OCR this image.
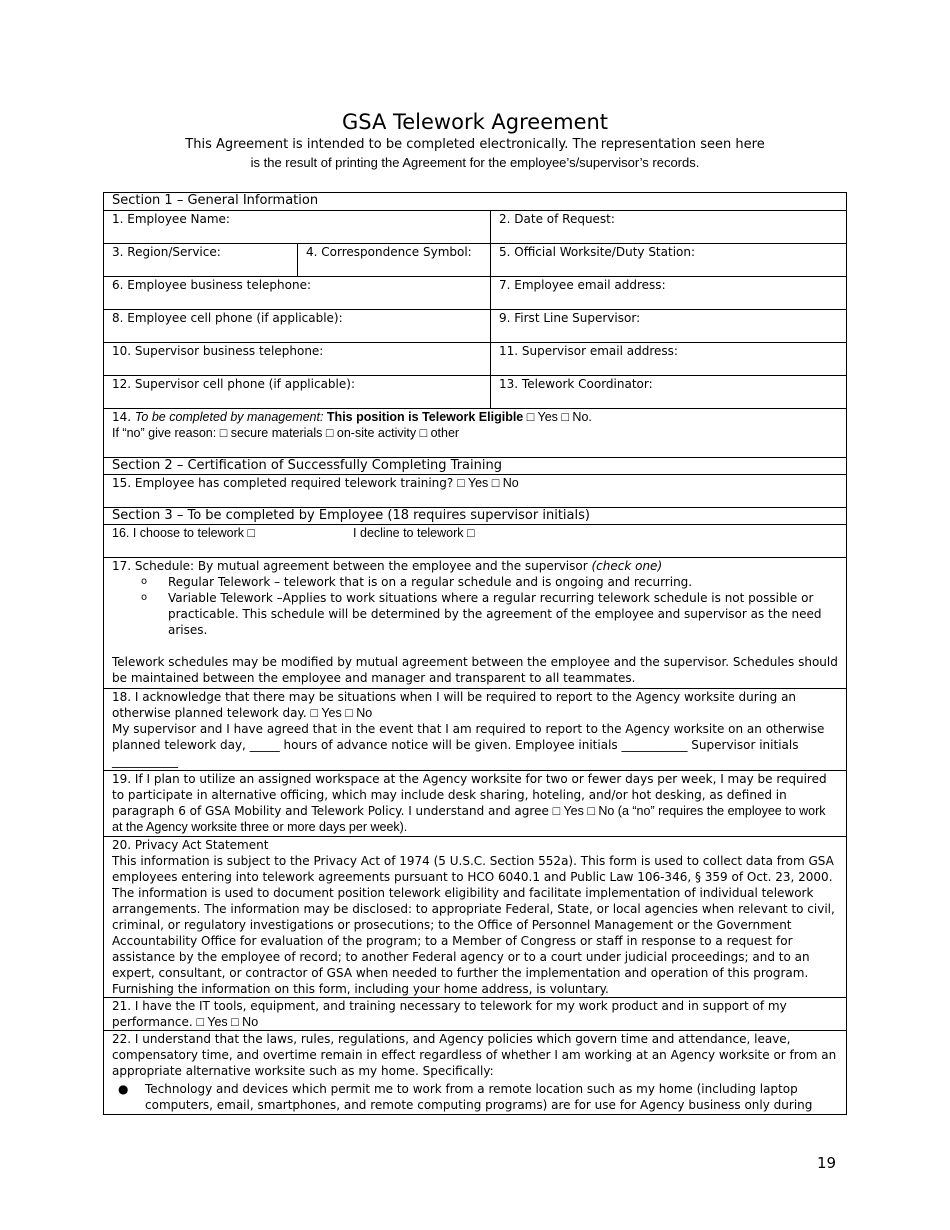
GSA Telework Agreement
This Agreement is intended to be completed electronically. The representation seen here
is the result of printing the Agreement for the employee’s/supervisor’s records.
Section 1 – General Information
1. Employee Name:	2. Date of Request:
3. Region/Service:	4. Correspondence Symbol:	5. Official Worksite/Duty Station:
6. Employee business telephone:	7. Employee email address:
8. Employee cell phone (if applicable):	9. First Line Supervisor:
10. Supervisor business telephone:	11. Supervisor email address:
12. Supervisor cell phone (if applicable):	13. Telework Coordinator:
14. To be completed by management: This position is Telework Eligible □ Yes □ No.
If “no” give reason: □ secure materials □ on-site activity □ other
Section 2 – Certification of Successfully Completing Training
15. Employee has completed required telework training? □ Yes □ No
Section 3 – To be completed by Employee (18 requires supervisor initials)
16. I choose to telework □	I decline to telework □
17. Schedule: By mutual agreement between the employee and the supervisor (check one)
o Regular Telework – telework that is on a regular schedule and is ongoing and recurring.
o Variable Telework –Applies to work situations where a regular recurring telework schedule is not possible or practicable. This schedule will be determined by the agreement of the employee and supervisor as the need arises.
Telework schedules may be modified by mutual agreement between the employee and the supervisor. Schedules should be maintained between the employee and manager and transparent to all teammates.
18. I acknowledge that there may be situations when I will be required to report to the Agency worksite during an otherwise planned telework day. □ Yes □ No
My supervisor and I have agreed that in the event that I am required to report to the Agency worksite on an otherwise planned telework day, _____ hours of advance notice will be given. Employee initials ___________ Supervisor initials ___________
19. If I plan to utilize an assigned workspace at the Agency worksite for two or fewer days per week, I may be required to participate in alternative officing, which may include desk sharing, hoteling, and/or hot desking, as defined in paragraph 6 of GSA Mobility and Telework Policy. I understand and agree □ Yes □ No (a “no” requires the employee to work at the Agency worksite three or more days per week).
20. Privacy Act Statement
This information is subject to the Privacy Act of 1974 (5 U.S.C. Section 552a). This form is used to collect data from GSA employees entering into telework agreements pursuant to HCO 6040.1 and Public Law 106-346, § 359 of Oct. 23, 2000. The information is used to document position telework eligibility and facilitate implementation of individual telework arrangements. The information may be disclosed: to appropriate Federal, State, or local agencies when relevant to civil, criminal, or regulatory investigations or prosecutions; to the Office of Personnel Management or the Government Accountability Office for evaluation of the program; to a Member of Congress or staff in response to a request for assistance by the employee of record; to another Federal agency or to a court under judicial proceedings; and to an expert, consultant, or contractor of GSA when needed to further the implementation and operation of this program. Furnishing the information on this form, including your home address, is voluntary.
21. I have the IT tools, equipment, and training necessary to telework for my work product and in support of my performance. □ Yes □ No
22. I understand that the laws, rules, regulations, and Agency policies which govern time and attendance, leave, compensatory time, and overtime remain in effect regardless of whether I am working at an Agency worksite or from an appropriate alternative worksite such as my home. Specifically:
● Technology and devices which permit me to work from a remote location such as my home (including laptop computers, email, smartphones, and remote computing programs) are for use for Agency business only during
19
